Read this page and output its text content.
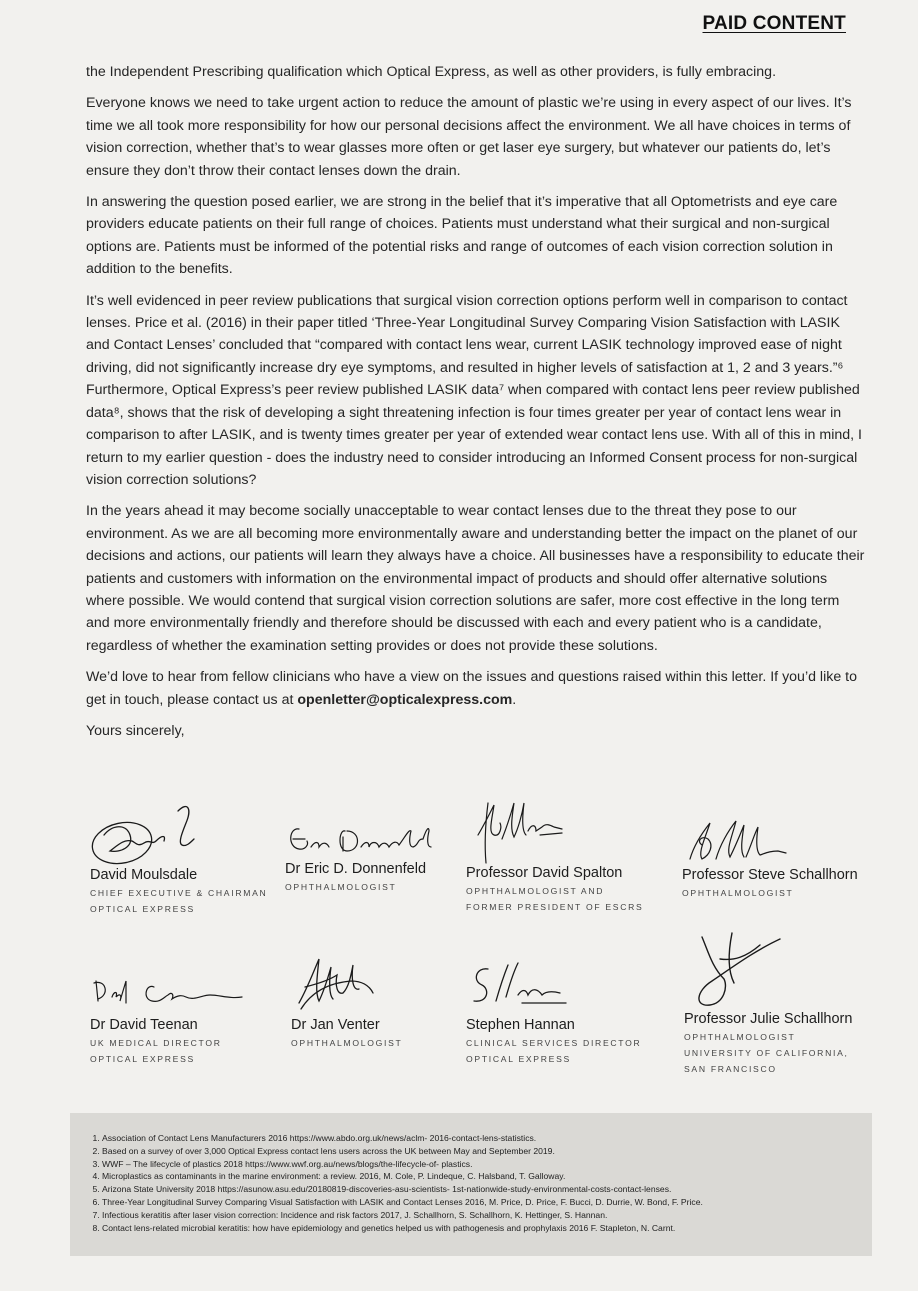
PAID CONTENT

the Independent Prescribing qualification which Optical Express, as well as other providers, is fully embracing.

Everyone knows we need to take urgent action to reduce the amount of plastic we’re using in every aspect of our lives. It’s time we all took more responsibility for how our personal decisions affect the environment. We all have choices in terms of vision correction, whether that’s to wear glasses more often or get laser eye surgery, but whatever our patients do, let’s ensure they don’t throw their contact lenses down the drain.

In answering the question posed earlier, we are strong in the belief that it’s imperative that all Optometrists and eye care providers educate patients on their full range of choices. Patients must understand what their surgical and non-surgical options are. Patients must be informed of the potential risks and range of outcomes of each vision correction solution in addition to the benefits.

It’s well evidenced in peer review publications that surgical vision correction options perform well in comparison to contact lenses. Price et al. (2016) in their paper titled ‘Three-Year Longitudinal Survey Comparing Vision Satisfaction with LASIK and Contact Lenses’ concluded that “compared with contact lens wear, current LASIK technology improved ease of night driving, did not significantly increase dry eye symptoms, and resulted in higher levels of satisfaction at 1, 2 and 3 years.”⁶ Furthermore, Optical Express’s peer review published LASIK data⁷ when compared with contact lens peer review published data⁸, shows that the risk of developing a sight threatening infection is four times greater per year of contact lens wear in comparison to after LASIK, and is twenty times greater per year of extended wear contact lens use. With all of this in mind, I return to my earlier question - does the industry need to consider introducing an Informed Consent process for non-surgical vision correction solutions?

In the years ahead it may become socially unacceptable to wear contact lenses due to the threat they pose to our environment. As we are all becoming more environmentally aware and understanding better the impact on the planet of our decisions and actions, our patients will learn they always have a choice. All businesses have a responsibility to educate their patients and customers with information on the environmental impact of products and should offer alternative solutions where possible. We would contend that surgical vision correction solutions are safer, more cost effective in the long term and more environmentally friendly and therefore should be discussed with each and every patient who is a candidate, regardless of whether the examination setting provides or does not provide these solutions.

We’d love to hear from fellow clinicians who have a view on the issues and questions raised within this letter. If you’d like to get in touch, please contact us at openletter@opticalexpress.com.

Yours sincerely,

David Moulsdale
CHIEF EXECUTIVE & CHAIRMAN
OPTICAL EXPRESS
Dr Eric D. Donnenfeld
OPHTHALMOLOGIST
Professor David Spalton
OPHTHALMOLOGIST AND
FORMER PRESIDENT OF ESCRS
Professor Steve Schallhorn
OPHTHALMOLOGIST
Dr David Teenan
UK MEDICAL DIRECTOR
OPTICAL EXPRESS
Dr Jan Venter
OPHTHALMOLOGIST
Stephen Hannan
CLINICAL SERVICES DIRECTOR
OPTICAL EXPRESS
Professor Julie Schallhorn
OPHTHALMOLOGIST
UNIVERSITY OF CALIFORNIA,
SAN FRANCISCO
1. Association of Contact Lens Manufacturers 2016 https://www.abdo.org.uk/news/aclm- 2016-contact-lens-statistics.
2. Based on a survey of over 3,000 Optical Express contact lens users across the UK between May and September 2019.
3. WWF – The lifecycle of plastics 2018 https://www.wwf.org.au/news/blogs/the-lifecycle-of- plastics.
4. Microplastics as contaminants in the marine environment: a review. 2016, M. Cole, P. Lindeque, C. Halsband, T. Galloway.
5. Arizona State University 2018 https://asunow.asu.edu/20180819-discoveries-asu-scientists- 1st-nationwide-study-environmental-costs-contact-lenses.
6. Three-Year Longitudinal Survey Comparing Visual Satisfaction with LASIK and Contact Lenses 2016, M. Price, D. Price, F. Bucci, D. Durrie, W. Bond, F. Price.
7. Infectious keratitis after laser vision correction: Incidence and risk factors 2017, J. Schallhorn, S. Schallhorn, K. Hettinger, S. Hannan.
8. Contact lens-related microbial keratitis: how have epidemiology and genetics helped us with pathogenesis and prophylaxis 2016 F. Stapleton, N. Carnt.
